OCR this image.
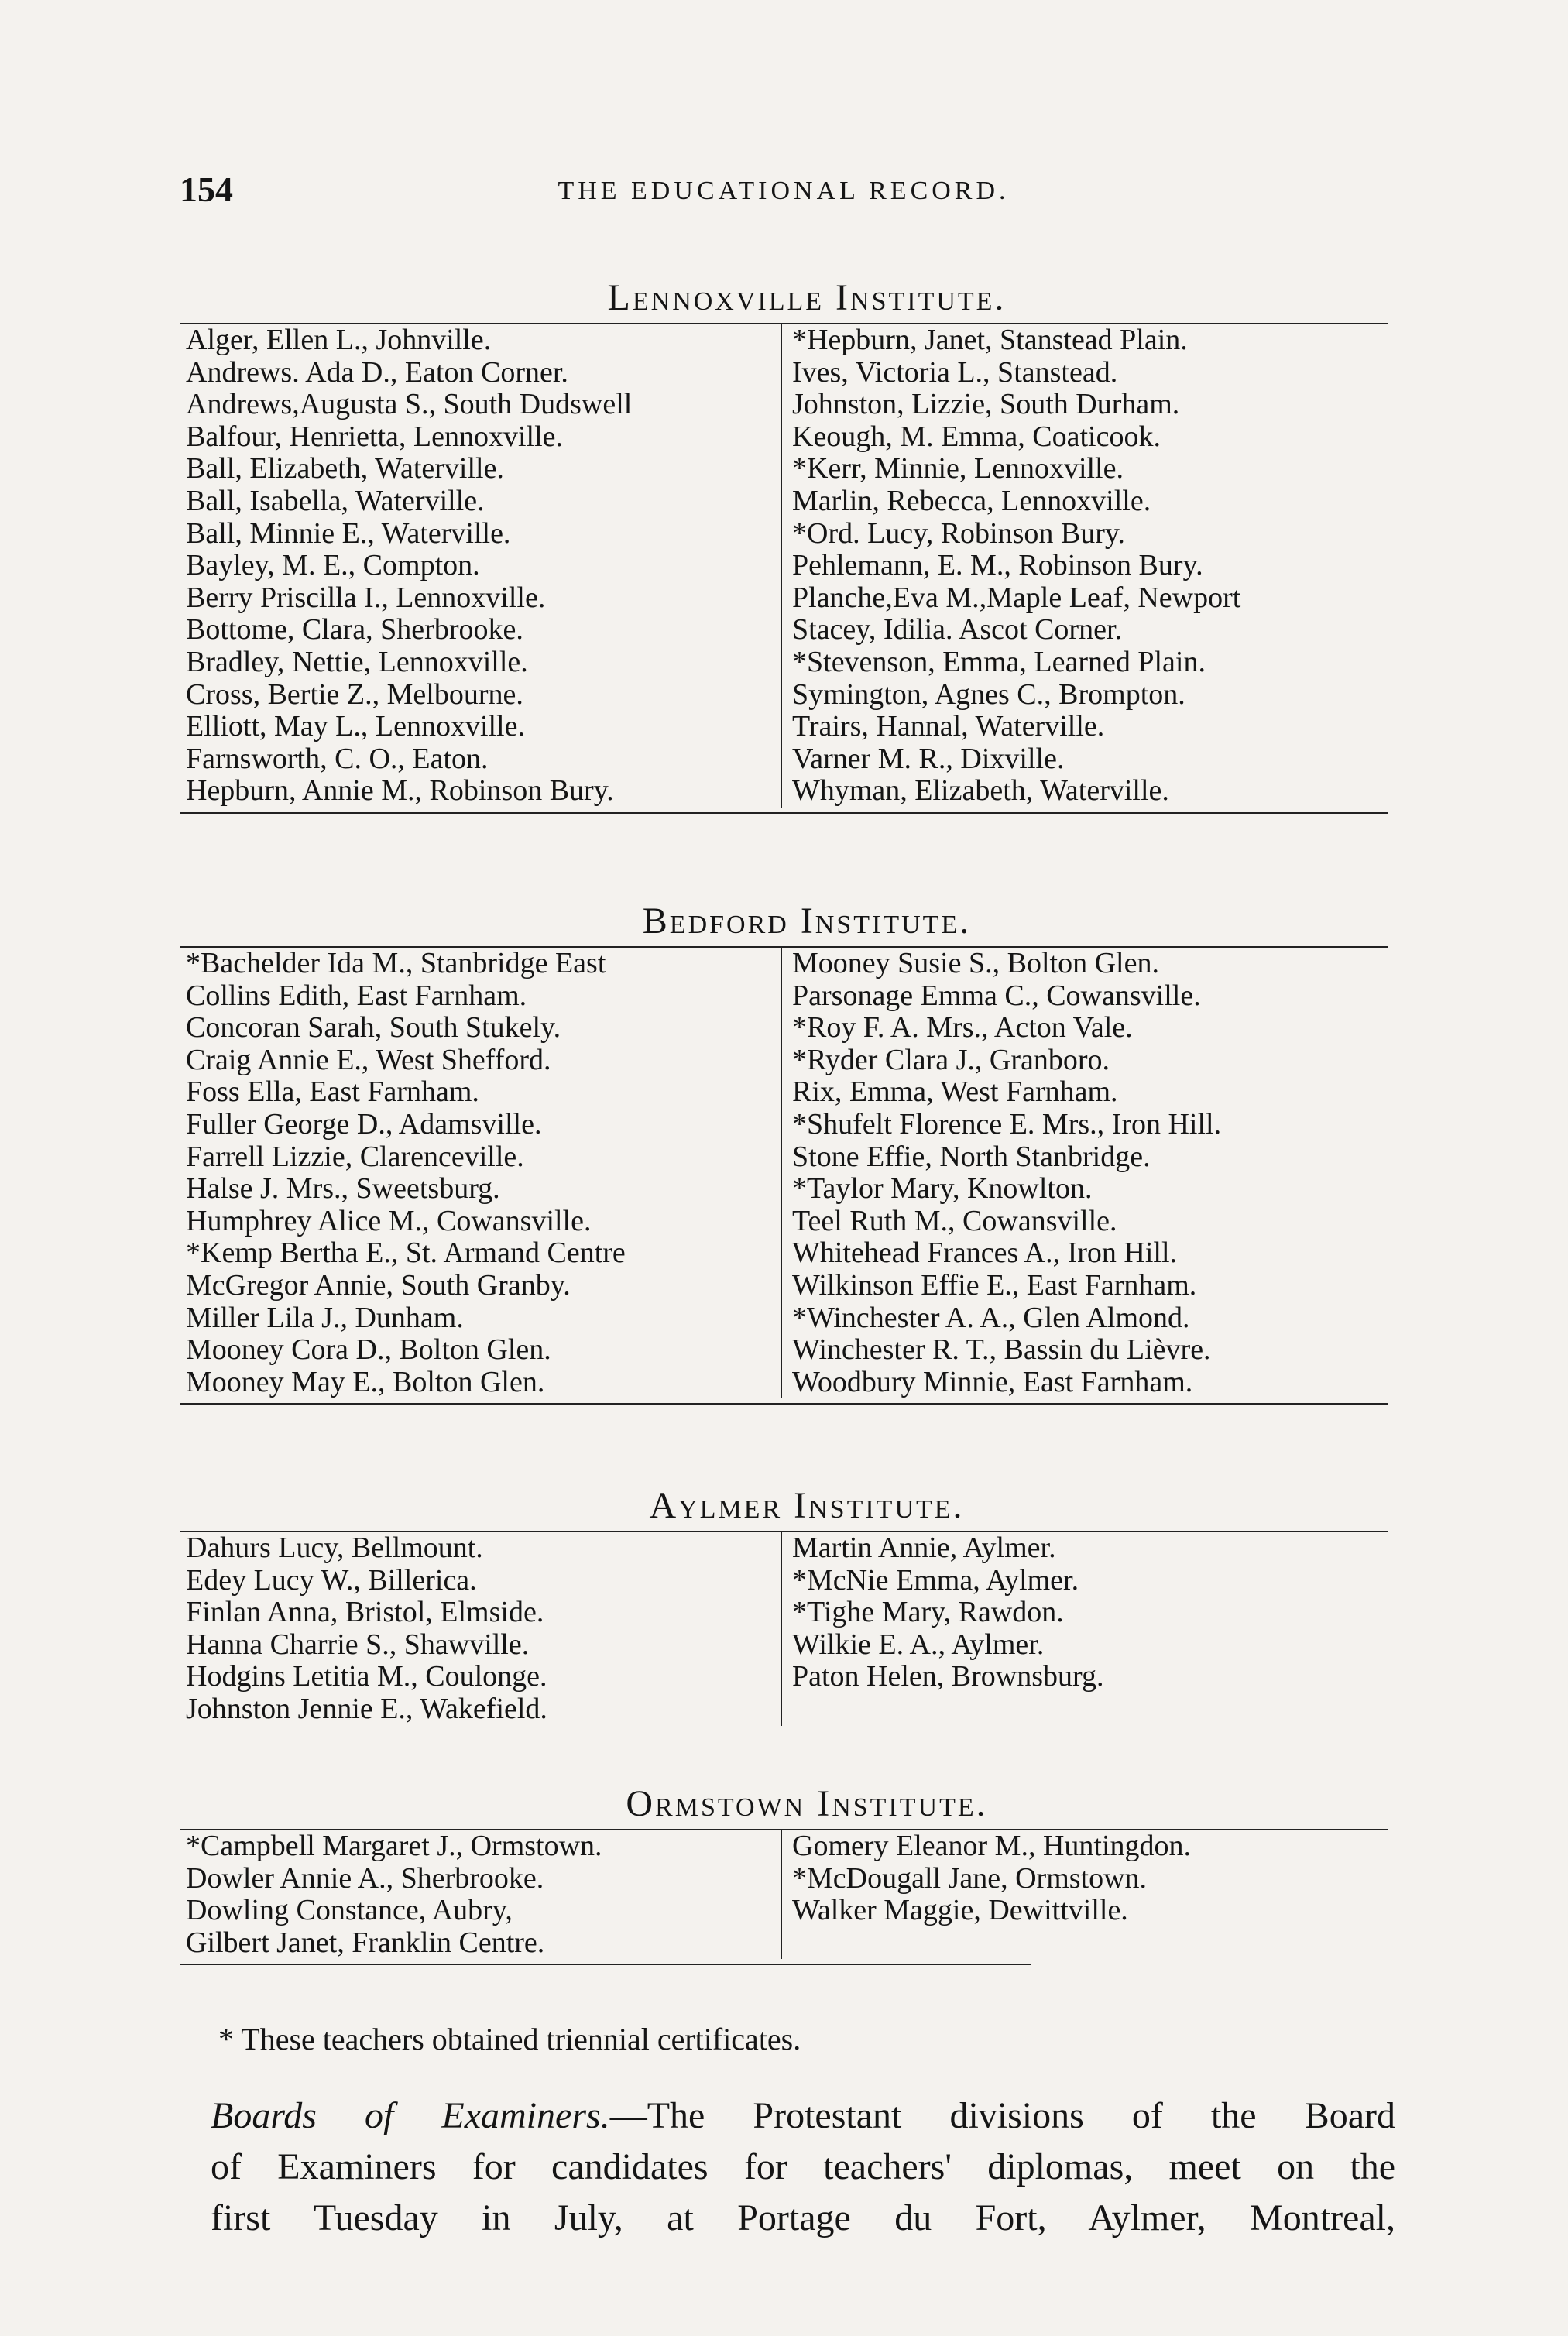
154	THE EDUCATIONAL RECORD.
Lennoxville Institute.
Alger, Ellen L., Johnville.
Andrews. Ada D., Eaton Corner.
Andrews,Augusta S., South Dudswell
Balfour, Henrietta, Lennoxville.
Ball, Elizabeth, Waterville.
Ball, Isabella, Waterville.
Ball, Minnie E., Waterville.
Bayley, M. E., Compton.
Berry Priscilla I., Lennoxville.
Bottome, Clara, Sherbrooke.
Bradley, Nettie, Lennoxville.
Cross, Bertie Z., Melbourne.
Elliott, May L., Lennoxville.
Farnsworth, C. O., Eaton.
Hepburn, Annie M., Robinson Bury.
*Hepburn, Janet, Stanstead Plain.
Ives, Victoria L., Stanstead.
Johnston, Lizzie, South Durham.
Keough, M. Emma, Coaticook.
*Kerr, Minnie, Lennoxville.
Marlin, Rebecca, Lennoxville.
*Ord. Lucy, Robinson Bury.
Pehlemann, E. M., Robinson Bury.
Planche,Eva M.,Maple Leaf, Newport
Stacey, Idilia. Ascot Corner.
*Stevenson, Emma, Learned Plain.
Symington, Agnes C., Brompton.
Trairs, Hannal, Waterville.
Varner M. R., Dixville.
Whyman, Elizabeth, Waterville.
Bedford Institute.
*Bachelder Ida M., Stanbridge East
Collins Edith, East Farnham.
Concoran Sarah, South Stukely.
Craig Annie E., West Shefford.
Foss Ella, East Farnham.
Fuller George D., Adamsville.
Farrell Lizzie, Clarenceville.
Halse J. Mrs., Sweetsburg.
Humphrey Alice M., Cowansville.
*Kemp Bertha E., St. Armand Centre
McGregor Annie, South Granby.
Miller Lila J., Dunham.
Mooney Cora D., Bolton Glen.
Mooney May E., Bolton Glen.
Mooney Susie S., Bolton Glen.
Parsonage Emma C., Cowansville.
*Roy F. A. Mrs., Acton Vale.
*Ryder Clara J., Granboro.
Rix, Emma, West Farnham.
*Shufelt Florence E. Mrs., Iron Hill.
Stone Effie, North Stanbridge.
*Taylor Mary, Knowlton.
Teel Ruth M., Cowansville.
Whitehead Frances A., Iron Hill.
Wilkinson Effie E., East Farnham.
*Winchester A. A., Glen Almond.
Winchester R. T., Bassin du Lièvre.
Woodbury Minnie, East Farnham.
Aylmer Institute.
Dahurs Lucy, Bellmount.
Edey Lucy W., Billerica.
Finlan Anna, Bristol, Elmside.
Hanna Charrie S., Shawville.
Hodgins Letitia M., Coulonge.
Johnston Jennie E., Wakefield.
Martin Annie, Aylmer.
*McNie Emma, Aylmer.
*Tighe Mary, Rawdon.
Wilkie E. A., Aylmer.
Paton Helen, Brownsburg.
Ormstown Institute.
*Campbell Margaret J., Ormstown.
Dowler Annie A., Sherbrooke.
Dowling Constance, Aubry,
Gilbert Janet, Franklin Centre.
Gomery Eleanor M., Huntingdon.
*McDougall Jane, Ormstown.
Walker Maggie, Dewittville.
* These teachers obtained triennial certificates.
Boards of Examiners.—The Protestant divisions of the Board
of Examiners for candidates for teachers' diplomas, meet on the
first Tuesday in July, at Portage du Fort, Aylmer, Montreal,
